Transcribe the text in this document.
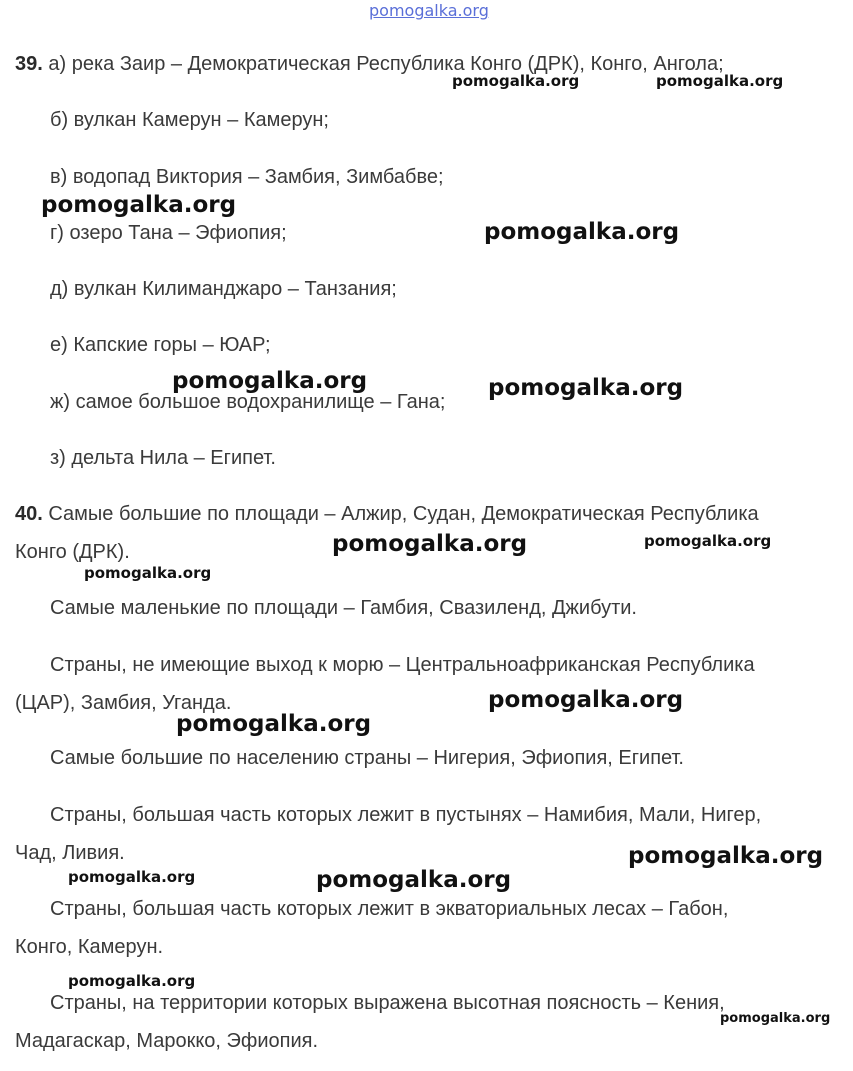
pomogalka.org
39. а) река Заир – Демократическая Республика Конго (ДРК), Конго, Ангола;
б) вулкан Камерун – Камерун;
в) водопад Виктория – Замбия, Зимбабве;
г) озеро Тана – Эфиопия;
д) вулкан Килиманджаро – Танзания;
е) Капские горы – ЮАР;
ж) самое большое водохранилище – Гана;
з) дельта Нила – Египет.
40. Самые большие по площади – Алжир, Судан, Демократическая Республика
Конго (ДРК).
Самые маленькие по площади – Гамбия, Свазиленд, Джибути.
Страны, не имеющие выход к морю – Центральноафриканская Республика
(ЦАР), Замбия, Уганда.
Самые большие по населению страны – Нигерия, Эфиопия, Египет.
Страны, большая часть которых лежит в пустынях – Намибия, Мали, Нигер,
Чад, Ливия.
Страны, большая часть которых лежит в экваториальных лесах – Габон,
Конго, Камерун.
Страны, на территории которых выражена высотная поясность – Кения,
Мадагаскар, Марокко, Эфиопия.
pomogalka.org	pomogalka.org
pomogalka.org
pomogalka.org
pomogalka.org	pomogalka.org
pomogalka.org	pomogalka.org
pomogalka.org
pomogalka.org
pomogalka.org
pomogalka.org
pomogalka.org	pomogalka.org
pomogalka.org
pomogalka.org
